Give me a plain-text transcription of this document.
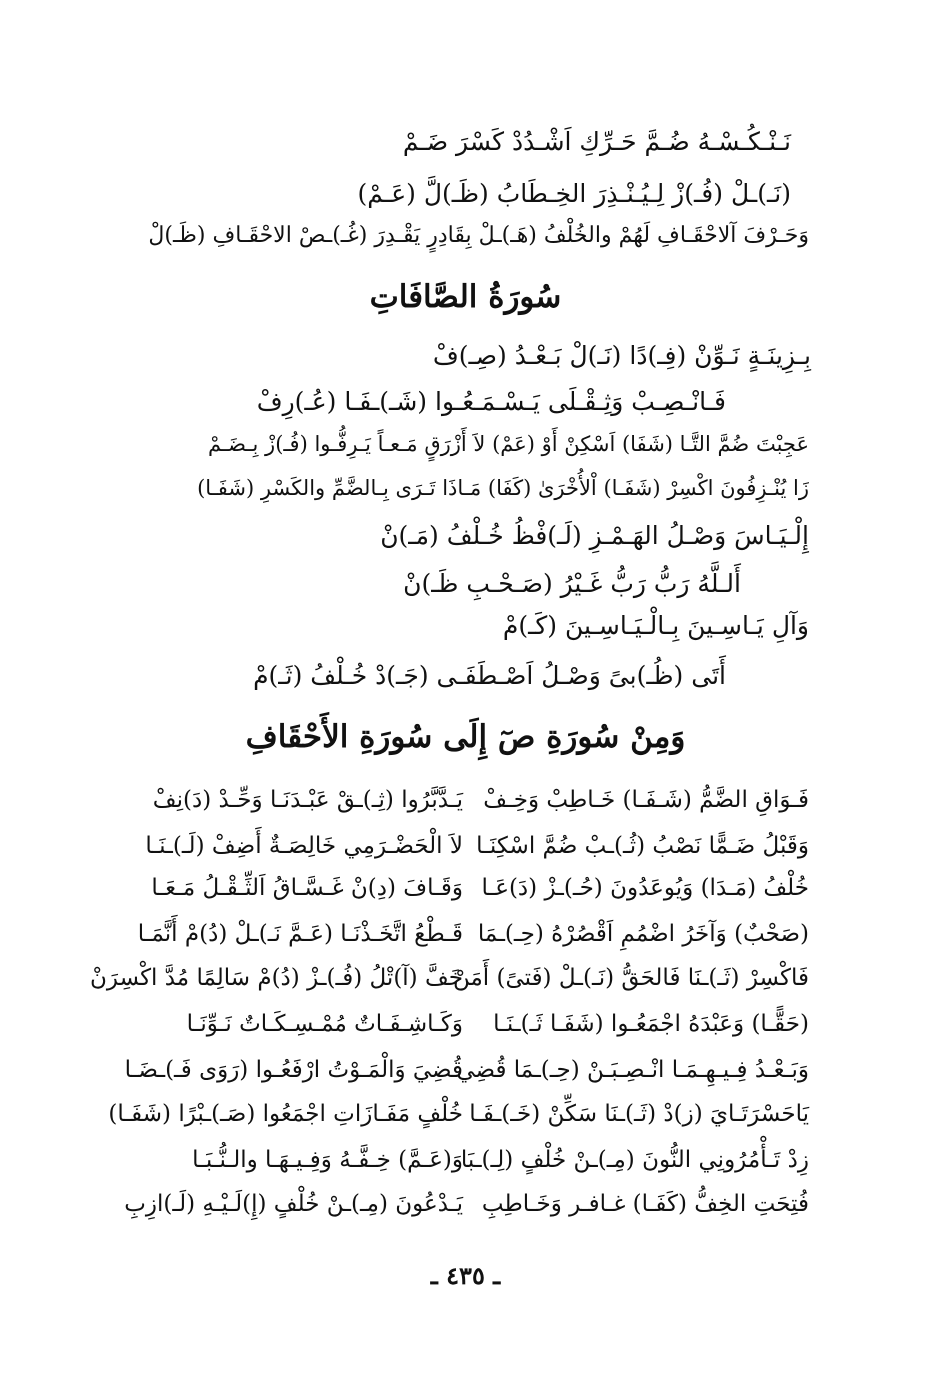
نَـنْـكُـسْـهُ ضُـمَّ حَـرِّكِ اَشْـدُدْ كَسْرَ ضَـمْ
(نَـ)ـلْ (فُـ)زْ لِـيُـنْـذِرَ الخِـطَابُ (ظَـ)لَّ (عَـمْ)
وَحَـرْفَ آلاحْقَـافِ لَهُمْ والخُلْفُ (هَـ)ـلْ بِقَادِرٍ يَقْـدِرَ (غُـ)ـصْ الاحْقَـافِ (ظَـ)لْ
سُورَةُ الصَّافَاتِ
بِـزِينَـةٍ نَـوِّنْ (فِـ)دًا (نَـ)لْ بَـعْـدُ (صِـ)فْ
فَـانْـصِـبْ وَثِـقْـلَى يَـسْـمَـعُـوا (شَـ)ـفَـا (عُـ)رِفْ
عَجِبْتَ ضُمَّ التَّـا (شَفَا) اَسْكِنْ أَوْ (عَمْ) لاَ أَزْرَقٍ مَـعـاً يَـرِفُّـوا (فُـ)زْ بِـضَـمْ
زَا يُنْـزِفُونَ اكْسِرْ (شَفَـا) اْلأُخْرَىٰ (كَفَا) مَـاذَا تَـرَى بِـالضَّمِّ والكَسْرِ (شَفَـا)
إِلْـيَـاسَ وَصْـلُ الهَـمْـزِ (لَـ)فْظُ خُـلْفُ (مَـ)نْ
أَلـلَّهُ رَبُّ رَبُّ غَـيْرُ (صَـحْـبِ ظَـ)نْ
وَآلِ يَـاسِـينَ بِـالْـيَـاسِـينَ (كَـ)مْ
أَتَى (ظُـ)بىً وَصْـلُ اَصْـطَفَـى (جَـ)دْ خُـلْفُ (ثَـ)مْ
وَمِنْ سُورَةِ صٓ إِلَى سُورَةِ الأَحْقَافِ
فَـوَاقِ الضَّمُّ (شَـفَـا) خَـاطِبْ وَخِـفْ
يَـدَّبَّرُوا (ثِـ)ـقْ عَبْـدَنَـا وَحِّـدْ (دَ)نِفْ
وَقَبْلُ ضَـمًّا نَصْبُ (ثُـ)ـبْ ضُمَّ اسْكِنَـا
لاَ الْحَضْـرَمِي خَالِصَـةٌ أَضِفْ (لَـ)ـنَـا
خُلْفُ (مَـدَا) وَيُوعَدُونَ (حُـ)ـزْ (دَ)عَـا
وَقَـافَ (دِ)نْ غَـسَّـاقُ اَلثِّـقْـلُ مَـعَـا
(صَحْبٌ) وَآخَرُ اضْمُمِ اَقْصُرْهُ (حِـ)ـمَا
قَـطْعُ اتَّخَـذْنَـا (عَـمَّ نَـ)ـلْ (دُ)مْ أَنَّمَـا
فَاكْسِرْ (ثَـ)ـنَا فَالحَقُّ (نَـ)ـلْ (فَتىً) أَمَنْ
خَفَّ (آ)تْلُ (فُـ)ـزْ (دُ)مْ سَالِمًا مُدَّ اكْسِرَنْ
(حَقًّـا) وَعَبْدَهُ اجْمَعُـوا (شَفَـا ثَـ)ـنَـا
وَكَـاشِـفَـاتٌ مُمْـسِـكَـاتٌ نَـوِّنَـا
وَبَـعْـدُ فِـيـهِـمَـا انْـصِـبَـنْ (حِـ)ـمَا قُضِي
قُضِيَ وَالْمَـوْتُ ارْفَعُـوا (رَوَى فَـ)ـضَـا
يَاحَسْرَتَـايَ (ز)دْ (ثَـ)ـنَا سَكِّنْ (خَـ)ـفَـا
خُلْفٍ مَفَـازَاتِ اجْمَعُوا (صَـ)ـبْرًا (شَفَـا)
زِدْ تَـأْمُرُونِي النُّونَ (مِـ)ـنْ خُلْفٍ (لِـ)ـبَا
وَ(عَـمَّ) خِـفَّـهُ وَفِـيـهَـا والـنُّـبَـا
فُتِحَتِ الخِفُّ (كَفَـا) غـافـر وَخَـاطِبِ
يَـدْعُونَ (مِـ)ـنْ خُلْفٍ (إِ)لَـيْـهِ (لَـ)ازِبِ
ـ ٤٣٥ ـ
